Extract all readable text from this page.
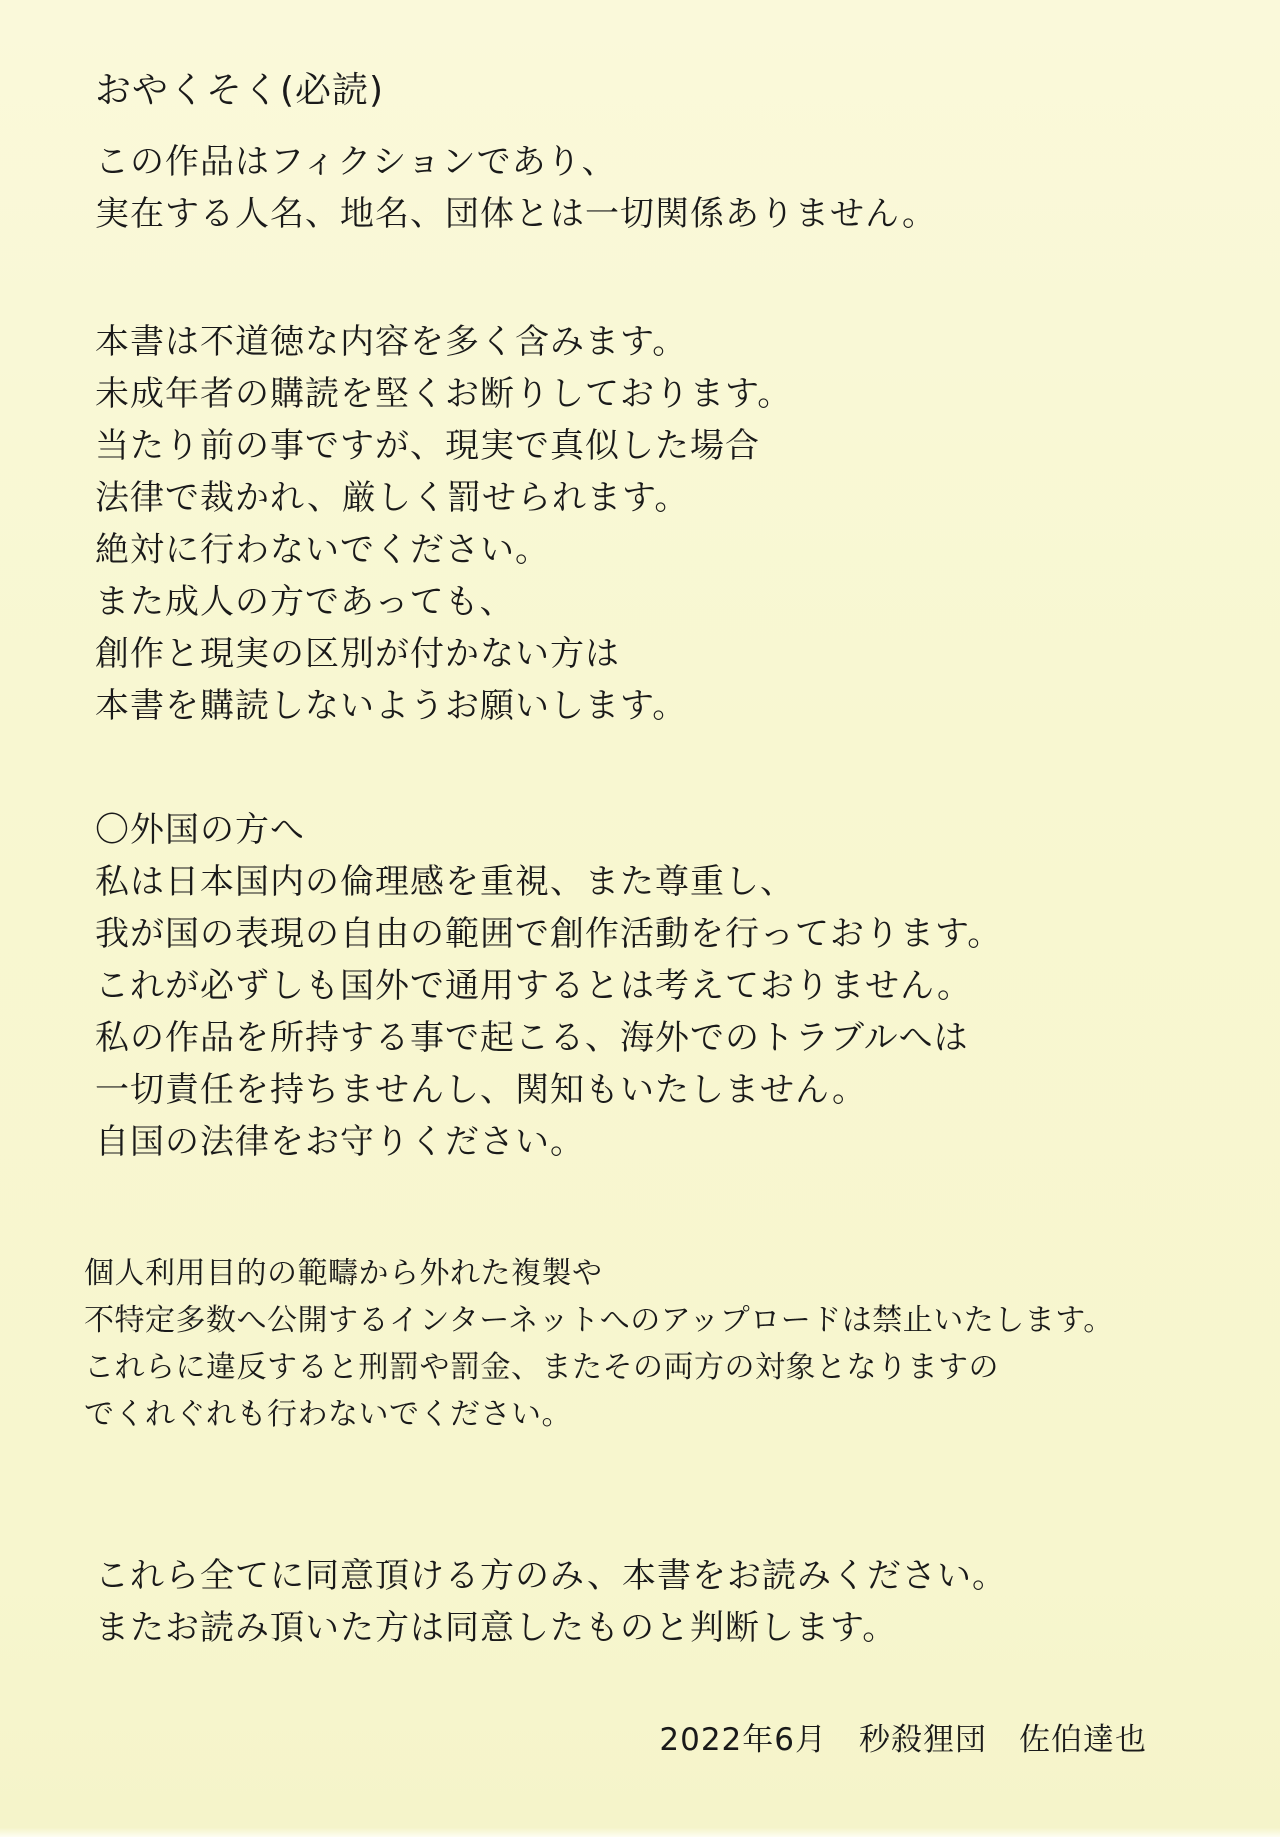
おやくそく(必読)
この作品はフィクションであり、
実在する人名、地名、団体とは一切関係ありません。
本書は不道徳な内容を多く含みます。
未成年者の購読を堅くお断りしております。
当たり前の事ですが、現実で真似した場合
法律で裁かれ、厳しく罰せられます。
絶対に行わないでください。
また成人の方であっても、
創作と現実の区別が付かない方は
本書を購読しないようお願いします。
〇外国の方へ
私は日本国内の倫理感を重視、また尊重し、
我が国の表現の自由の範囲で創作活動を行っております。
これが必ずしも国外で通用するとは考えておりません。
私の作品を所持する事で起こる、海外でのトラブルへは
一切責任を持ちませんし、関知もいたしません。
自国の法律をお守りください。
個人利用目的の範疇から外れた複製や
不特定多数へ公開するインターネットへのアップロードは禁止いたします。
これらに違反すると刑罰や罰金、またその両方の対象となりますの
でくれぐれも行わないでください。
これら全てに同意頂ける方のみ、本書をお読みください。
またお読み頂いた方は同意したものと判断します。
2022年6月　秒殺狸団　佐伯達也
